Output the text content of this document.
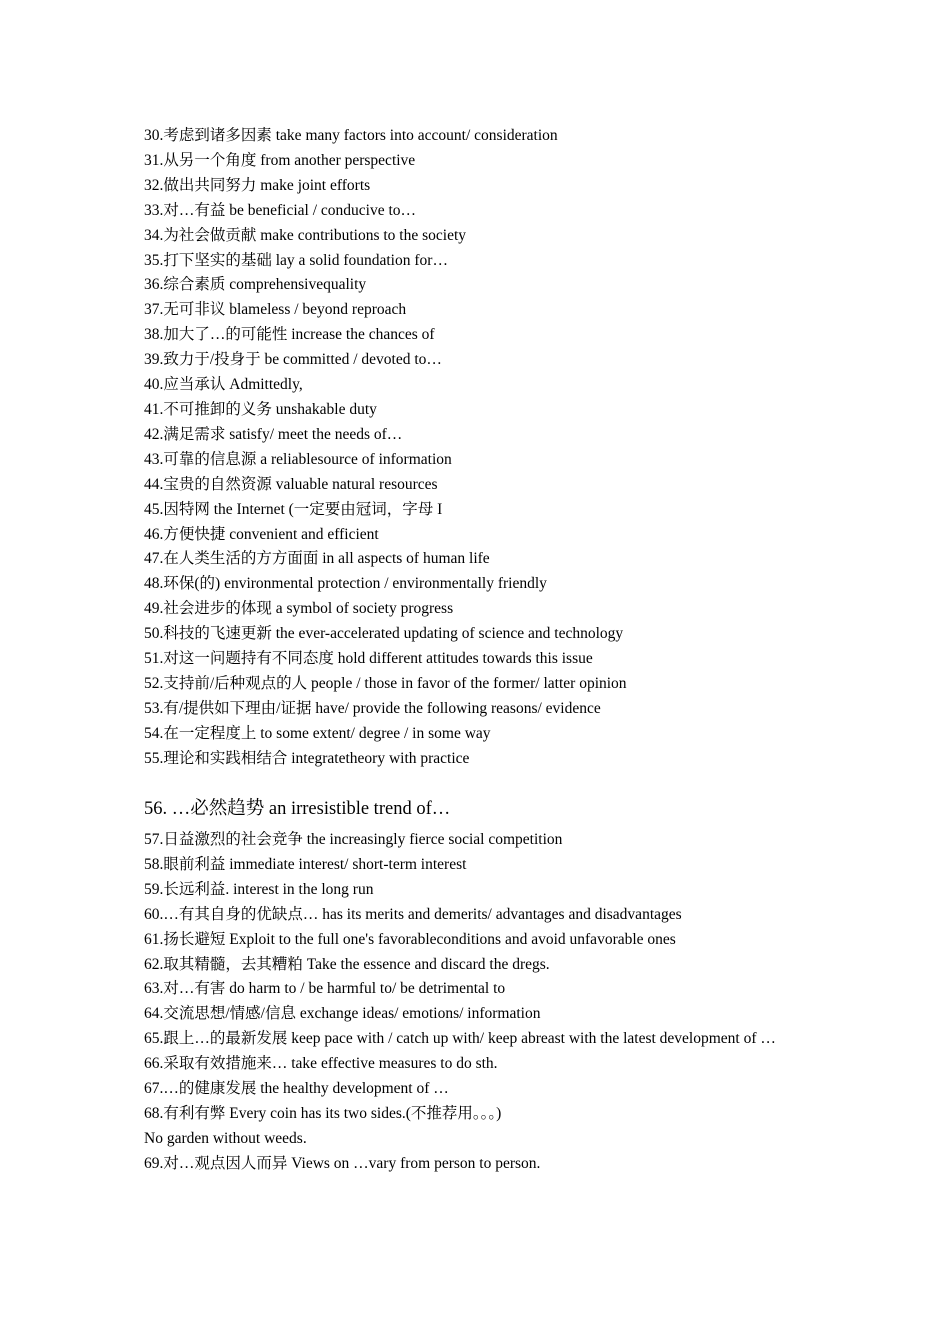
30.考虑到诸多因素 take many factors into account/ consideration
31.从另一个角度 from another perspective
32.做出共同努力 make joint efforts
33.对…有益 be beneficial / conducive to…
34.为社会做贡献 make contributions to the society
35.打下坚实的基础 lay a solid foundation for…
36.综合素质 comprehensivequality
37.无可非议 blameless / beyond reproach
38.加大了…的可能性 increase the chances of
39.致力于/投身于 be committed / devoted to…
40.应当承认 Admittedly,
41.不可推卸的义务 unshakable duty
42.满足需求 satisfy/ meet the needs of…
43.可靠的信息源 a reliablesource of information
44.宝贵的自然资源 valuable natural resources
45.因特网 the Internet (一定要由冠词，字母 I
46.方便快捷 convenient and efficient
47.在人类生活的方方面面 in all aspects of human life
48.环保(的) environmental protection / environmentally friendly
49.社会进步的体现 a symbol of society progress
50.科技的飞速更新 the ever-accelerated updating of science and technology
51.对这一问题持有不同态度 hold different attitudes towards this issue
52.支持前/后种观点的人 people / those in favor of the former/ latter opinion
53.有/提供如下理由/证据 have/ provide the following reasons/ evidence
54.在一定程度上 to some extent/ degree / in some way
55.理论和实践相结合 integratetheory with practice
56. …必然趋势 an irresistible trend of…
57.日益激烈的社会竞争 the increasingly fierce social competition
58.眼前利益 immediate interest/ short-term interest
59.长远利益. interest in the long run
60.…有其自身的优缺点… has its merits and demerits/ advantages and disadvantages
61.扬长避短 Exploit to the full one's favorableconditions and avoid unfavorable ones
62.取其精髓，去其糟粕 Take the essence and discard the dregs.
63.对…有害 do harm to / be harmful to/ be detrimental to
64.交流思想/情感/信息 exchange ideas/ emotions/ information
65.跟上…的最新发展 keep pace with / catch up with/ keep abreast with the latest development of …
66.采取有效措施来… take effective measures to do sth.
67.…的健康发展 the healthy development of …
68.有利有弊 Every coin has its two sides.(不推荐用。。。)
No garden without weeds.
69.对…观点因人而异 Views on …vary from person to person.
